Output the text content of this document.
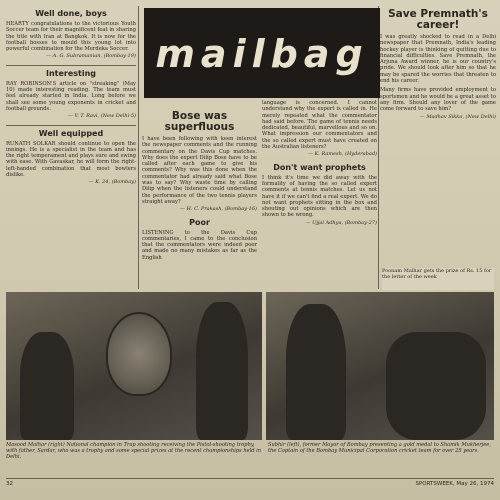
Well done, boys
HEARTY congratulations to the victorious Youth Soccer team for their magnificent feat in sharing the title with Iran at Bangkok. It is now for the football bosses to mould this young lot into powerful combination for the Merdeka Soccer.
— A. G. Subramanian, (Bombay-19)
Interesting
RAY ROBINSON'S article on "streaking" (May 10) made interesting reading. The team must feel already started in India. Long before we shall see some young exponents in cricket and football grounds.
— V. T. Ravi, (New Delhi-5)
Well equipped
RUNATH SOLKAR should continue to open the innings. He is a specialist in the team and has the right temperament and plays sure and swing with ease. With Gavaskar, he will form the right-left-handed combination that most bowlers dislike.
— K. 24, (Bombay)
mailbag
Bose was superfluous
I have been following with keen interest the newspaper comments and the running commentary on the Davis Cup matches. Why does the expert Dilip Bose have to be called after each game to give his comments? Why was this done when the commentator had already said what Bose was to say? Why waste time by calling Dilip when the listeners could understand the performance of the two tennis players straight away?
— H. C. Prakash, (Bombay-16)
Poor
LISTENING to the Davis Cup commentaries, I came to the conclusion that the commentators were indeed poor and made no many mistakes as far as the English
language is concerned. I cannot understand why the expert is called in. He merely repeated what the commentator had said before. The game of tennis needs dedicated, beautiful, marvellous and so on. What impression our commentators and the so called expert must have created on the Australian listeners?
— K. Ramesh, (Hyderabad)
Don't want prophets
I think it's time we did away with the formality of having the so called expert comments at tennis matches. Let us not have it if we can't find a real expert. We do not want prophets sitting in the box and shouting out opinions which are then shown to be wrong.
— Ujjal Adhya, (Bombay-27)
Save Premnath's career!
I was greatly shocked to read in a Delhi newspaper that Premnath, India's leading hockey player is thinking of quitting due to financial difficulties. Save Premnath, the Arjuna Award winner, he is our country's pride. We should look after him so that he may be spared the worries that threaten to end his career.
Many firms have provided employment to sportsmen and he would be a great asset to any firm. Should any lover of the game come forward to save him?
— Madhav Sikka, (New Delhi)
Poonam Malhar gets the prize of Rs. 15 for the letter of the week
Masood Malhar (right) National champion in Trap shooting receiving the Pistol-shooting trophy, with father, Sardar, who was a trophy and some special prizes at the recent championships held in Delhi.
Subhir (left), former Mayor of Bombay presenting a gold medal to Shamik Mukherjee, the Captain of the Bombay Municipal Corporation cricket team for over 25 years.
32	SPORTSWEEK, May 26, 1974
